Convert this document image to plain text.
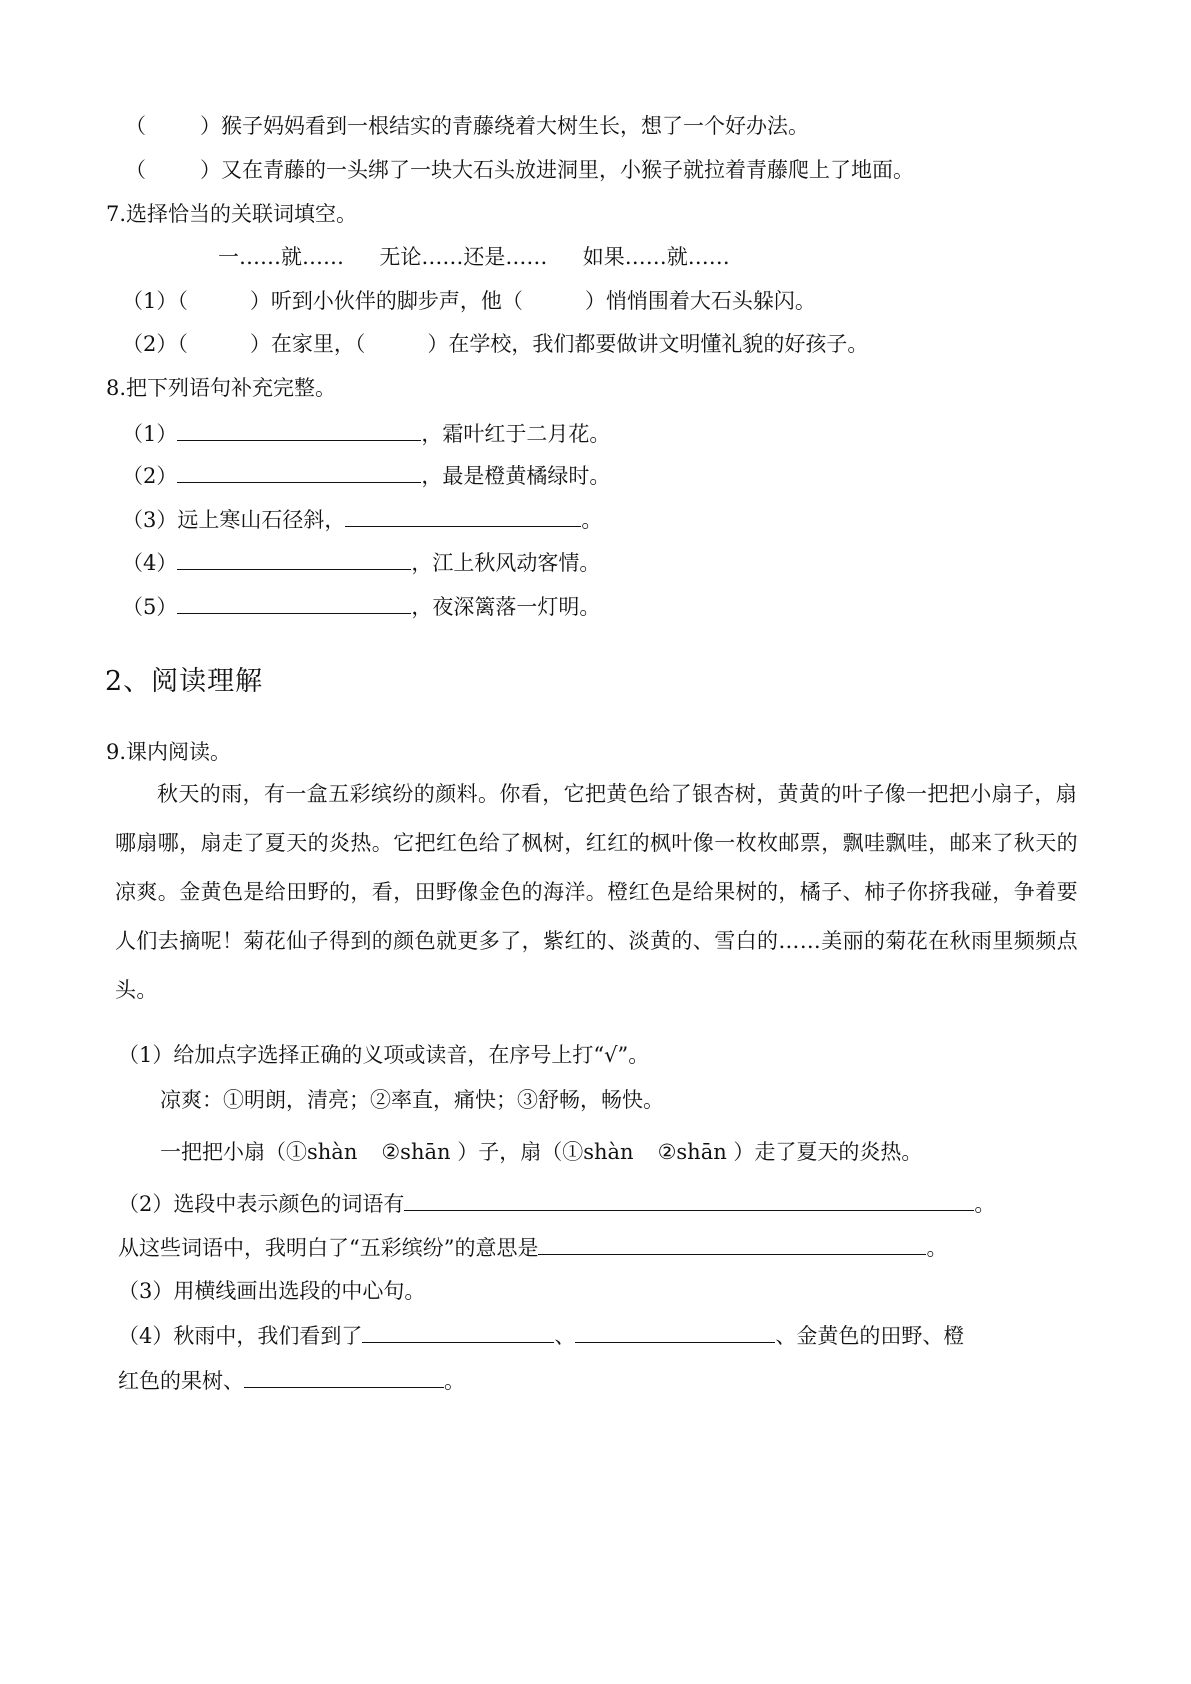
（	）猴子妈妈看到一根结实的青藤绕着大树生长，想了一个好办法。
（	）又在青藤的一头绑了一块大石头放进洞里，小猴子就拉着青藤爬上了地面。
7.选择恰当的关联词填空。
一……就…… 无论……还是…… 如果……就……
（1）（	）听到小伙伴的脚步声，他（	）悄悄围着大石头躲闪。
（2）（	）在家里，（	）在学校，我们都要做讲文明懂礼貌的好孩子。
8.把下列语句补充完整。
（1）	，霜叶红于二月花。
（2）	，最是橙黄橘绿时。
（3）远上寒山石径斜，	。
（4）	，江上秋风动客情。
（5）	，夜深篱落一灯明。
2、阅读理解
9.课内阅读。
秋天的雨，有一盒五彩缤纷的颜料。你看，它把黄色给了银杏树，黄黄的叶子像一把把小扇子，扇哪扇哪，扇走了夏天的炎热。它把红色给了枫树，红红的枫叶像一枚枚邮票，飘哇飘哇，邮来了秋天的凉爽。金黄色是给田野的，看，田野像金色的海洋。橙红色是给果树的，橘子、柿子你挤我碰，争着要人们去摘呢！菊花仙子得到的颜色就更多了，紫红的、淡黄的、雪白的……美丽的菊花在秋雨里频频点头。
（1）给加点字选择正确的义项或读音，在序号上打“√”。
凉爽：①明朗，清亮；②率直，痛快；③舒畅，畅快。
一把把小扇（①shàn ②shān ）子，扇（①shàn ②shān ）走了夏天的炎热。
（2）选段中表示颜色的词语有	。
从这些词语中，我明白了“五彩缤纷”的意思是	。
（3）用横线画出选段的中心句。
（4）秋雨中，我们看到了	、	、金黄色的田野、橙
红色的果树、	。
